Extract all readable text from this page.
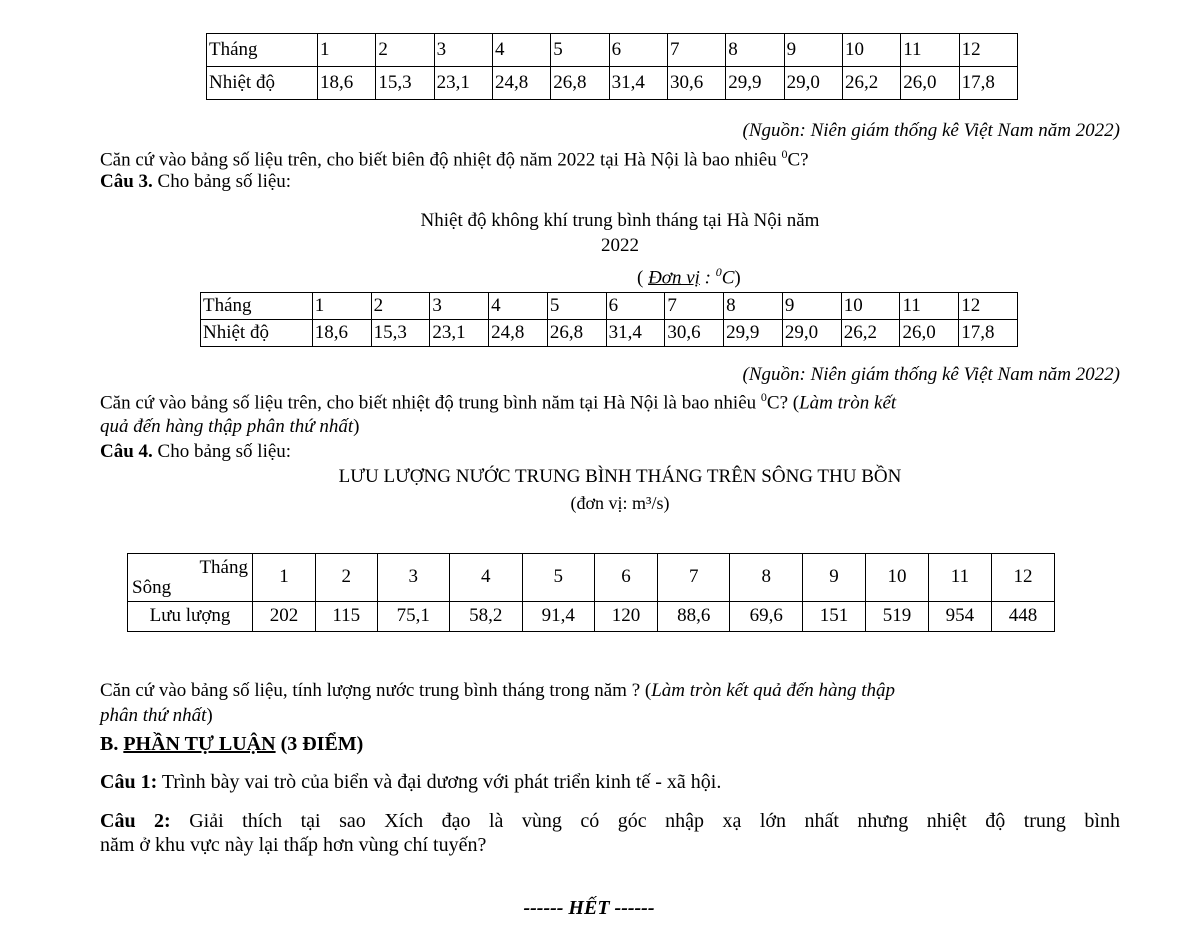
Tháng	1	2	3	4	5	6	7	8	9	10	11	12
Nhiệt độ	18,6	15,3	23,1	24,8	26,8	31,4	30,6	29,9	29,0	26,2	26,0	17,8
(Nguồn: Niên giám thống kê Việt Nam năm 2022)
Căn cứ vào bảng số liệu trên, cho biết biên độ nhiệt độ năm 2022 tại Hà Nội là bao nhiêu $^0$C?
Câu 3. Cho bảng số liệu:
Nhiệt độ không khí trung bình tháng tại Hà Nội năm
2022
( Đơn vị : $^0$C)
Tháng	1	2	3	4	5	6	7	8	9	10	11	12
Nhiệt độ	18,6	15,3	23,1	24,8	26,8	31,4	30,6	29,9	29,0	26,2	26,0	17,8
(Nguồn: Niên giám thống kê Việt Nam năm 2022)
Căn cứ vào bảng số liệu trên, cho biết nhiệt độ trung bình năm tại Hà Nội là bao nhiêu $^0$C? (Làm tròn kết
quả đến hàng thập phân thứ nhất)
Câu 4. Cho bảng số liệu:
LƯU LƯỢNG NƯỚC TRUNG BÌNH THÁNG TRÊN SÔNG THU BỒN
(đơn vị: m³/s)
Tháng
Sông	1	2	3	4	5	6	7	8	9	10	11	12
Lưu lượng	202	115	75,1	58,2	91,4	120	88,6	69,6	151	519	954	448
Căn cứ vào bảng số liệu, tính lượng nước trung bình tháng trong năm ? (Làm tròn kết quả đến hàng thập
phân thứ nhất)
B. PHẦN TỰ LUẬN (3 ĐIỂM)
Câu 1: Trình bày vai trò của biển và đại dương với phát triển kinh tế - xã hội.
Câu 2: Giải thích tại sao Xích đạo là vùng có góc nhập xạ lớn nhất nhưng nhiệt độ trung bình
năm ở khu vực này lại thấp hơn vùng chí tuyến?
------ HẾT ------
